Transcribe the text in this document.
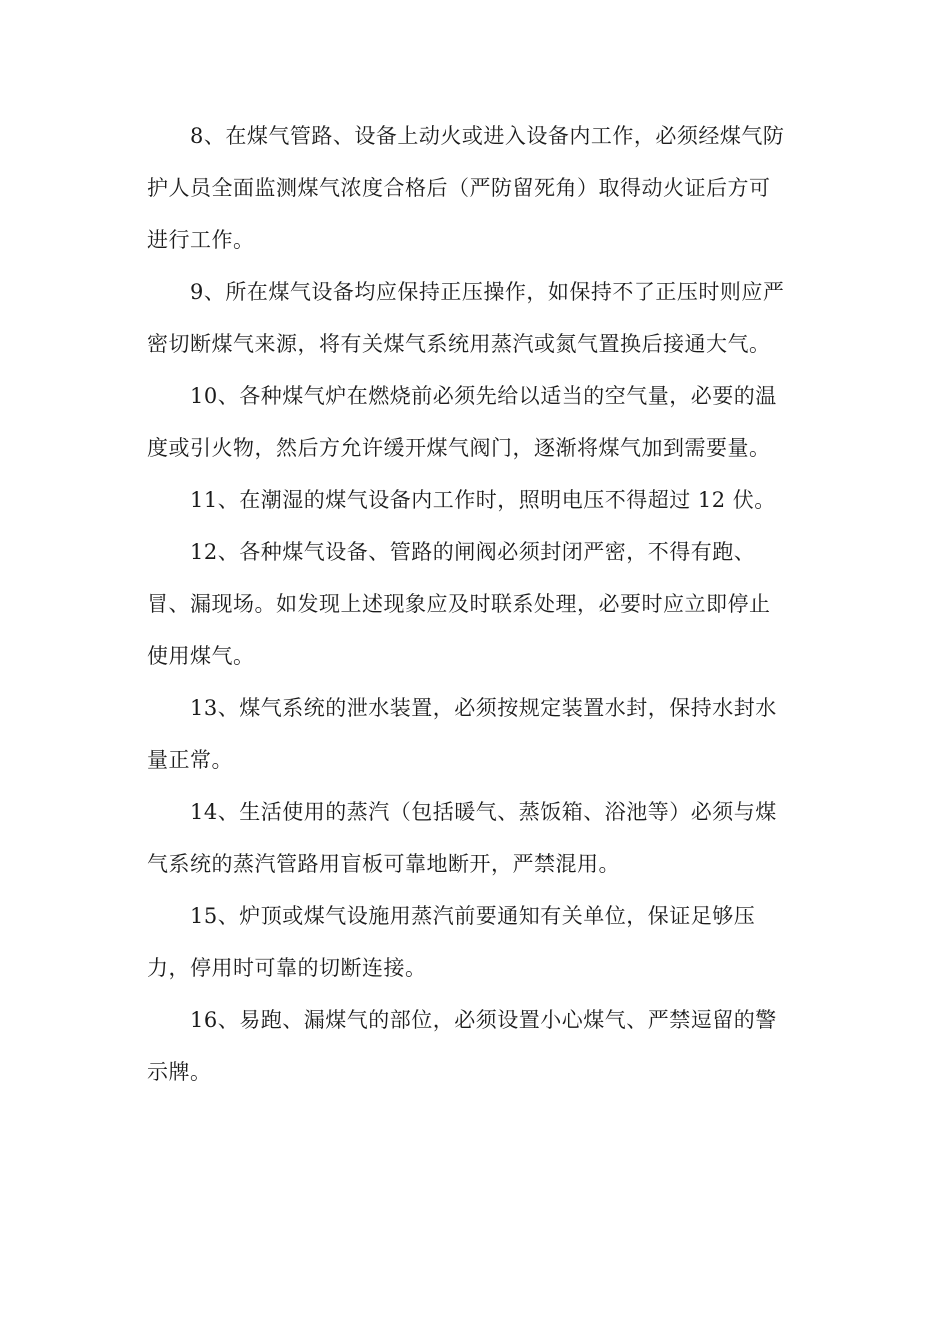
8、在煤气管路、设备上动火或进入设备内工作，必须经煤气防
护人员全面监测煤气浓度合格后（严防留死角）取得动火证后方可
进行工作。
9、所在煤气设备均应保持正压操作，如保持不了正压时则应严
密切断煤气来源，将有关煤气系统用蒸汽或氮气置换后接通大气。
10、各种煤气炉在燃烧前必须先给以适当的空气量，必要的温
度或引火物，然后方允许缓开煤气阀门，逐渐将煤气加到需要量。
11、在潮湿的煤气设备内工作时，照明电压不得超过 12 伏。
12、各种煤气设备、管路的闸阀必须封闭严密，不得有跑、
冒、漏现场。如发现上述现象应及时联系处理，必要时应立即停止
使用煤气。
13、煤气系统的泄水装置，必须按规定装置水封，保持水封水
量正常。
14、生活使用的蒸汽（包括暖气、蒸饭箱、浴池等）必须与煤
气系统的蒸汽管路用盲板可靠地断开，严禁混用。
15、炉顶或煤气设施用蒸汽前要通知有关单位，保证足够压
力，停用时可靠的切断连接。
16、易跑、漏煤气的部位，必须设置小心煤气、严禁逗留的警
示牌。
